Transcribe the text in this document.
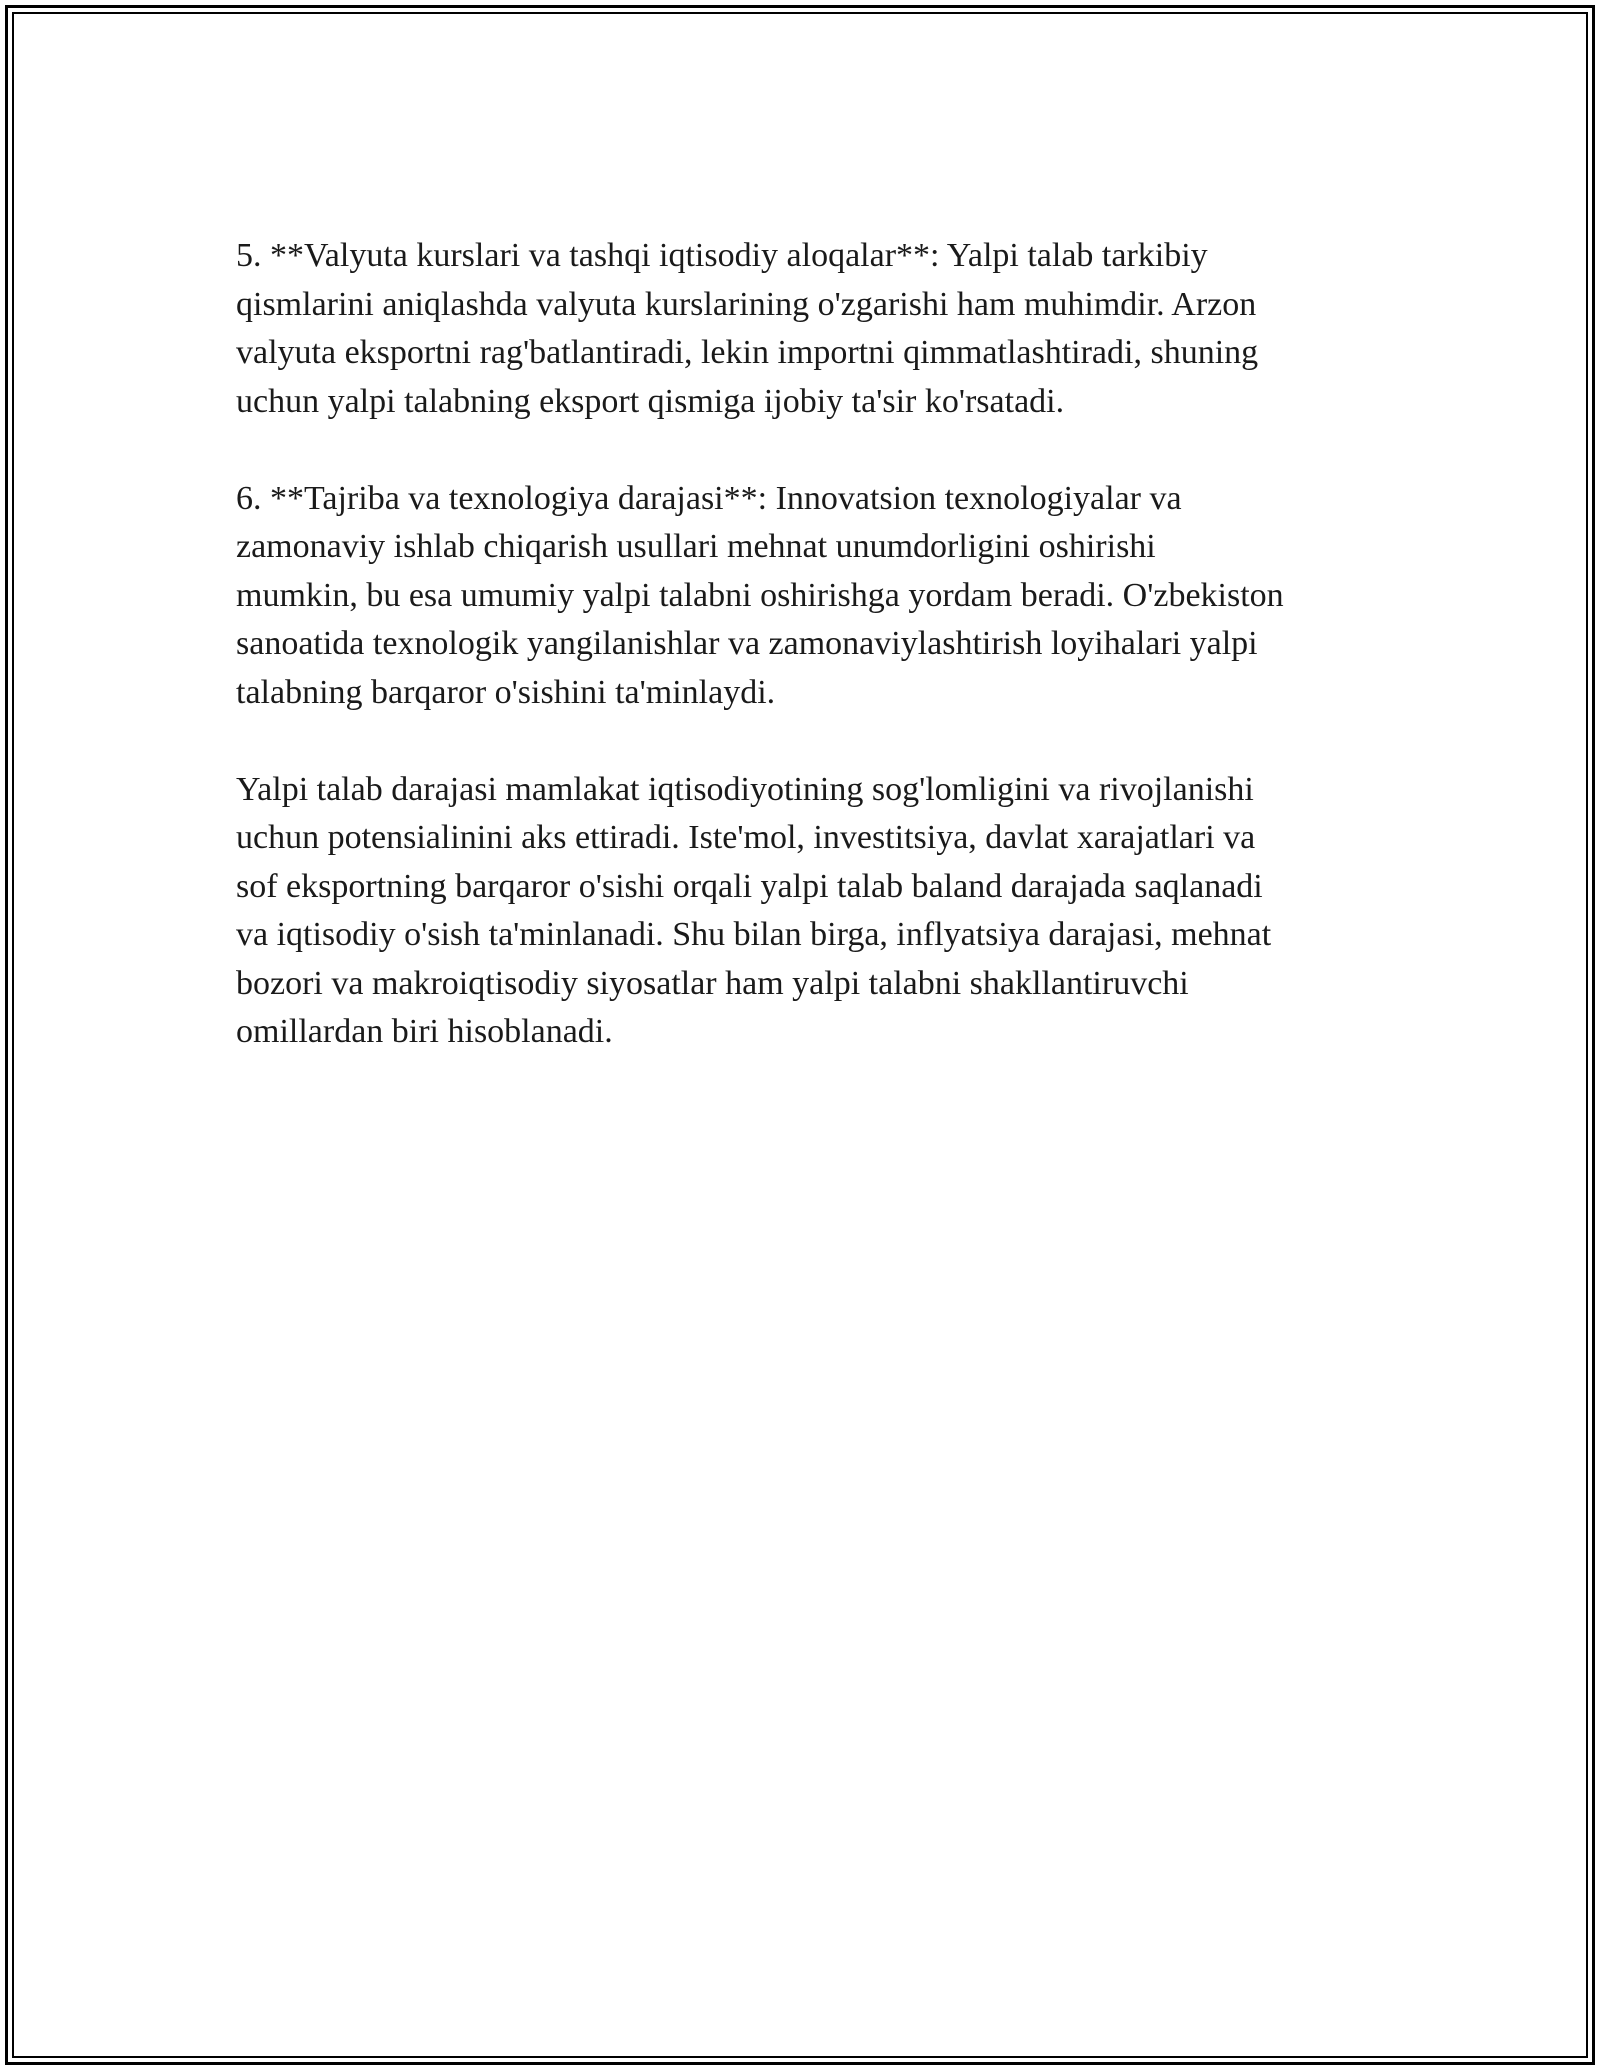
5. **Valyuta kurslari va tashqi iqtisodiy aloqalar**: Yalpi talab tarkibiy
qismlarini aniqlashda valyuta kurslarining o'zgarishi ham muhimdir. Arzon
valyuta eksportni rag'batlantiradi, lekin importni qimmatlashtiradi, shuning
uchun yalpi talabning eksport qismiga ijobiy ta'sir ko'rsatadi.

6. **Tajriba va texnologiya darajasi**: Innovatsion texnologiyalar va
zamonaviy ishlab chiqarish usullari mehnat unumdorligini oshirishi
mumkin, bu esa umumiy yalpi talabni oshirishga yordam beradi. O'zbekiston
sanoatida texnologik yangilanishlar va zamonaviylashtirish loyihalari yalpi
talabning barqaror o'sishini ta'minlaydi.

Yalpi talab darajasi mamlakat iqtisodiyotining sog'lomligini va rivojlanishi
uchun potensialinini aks ettiradi. Iste'mol, investitsiya, davlat xarajatlari va
sof eksportning barqaror o'sishi orqali yalpi talab baland darajada saqlanadi
va iqtisodiy o'sish ta'minlanadi. Shu bilan birga, inflyatsiya darajasi, mehnat
bozori va makroiqtisodiy siyosatlar ham yalpi talabni shakllantiruvchi
omillardan biri hisoblanadi.
